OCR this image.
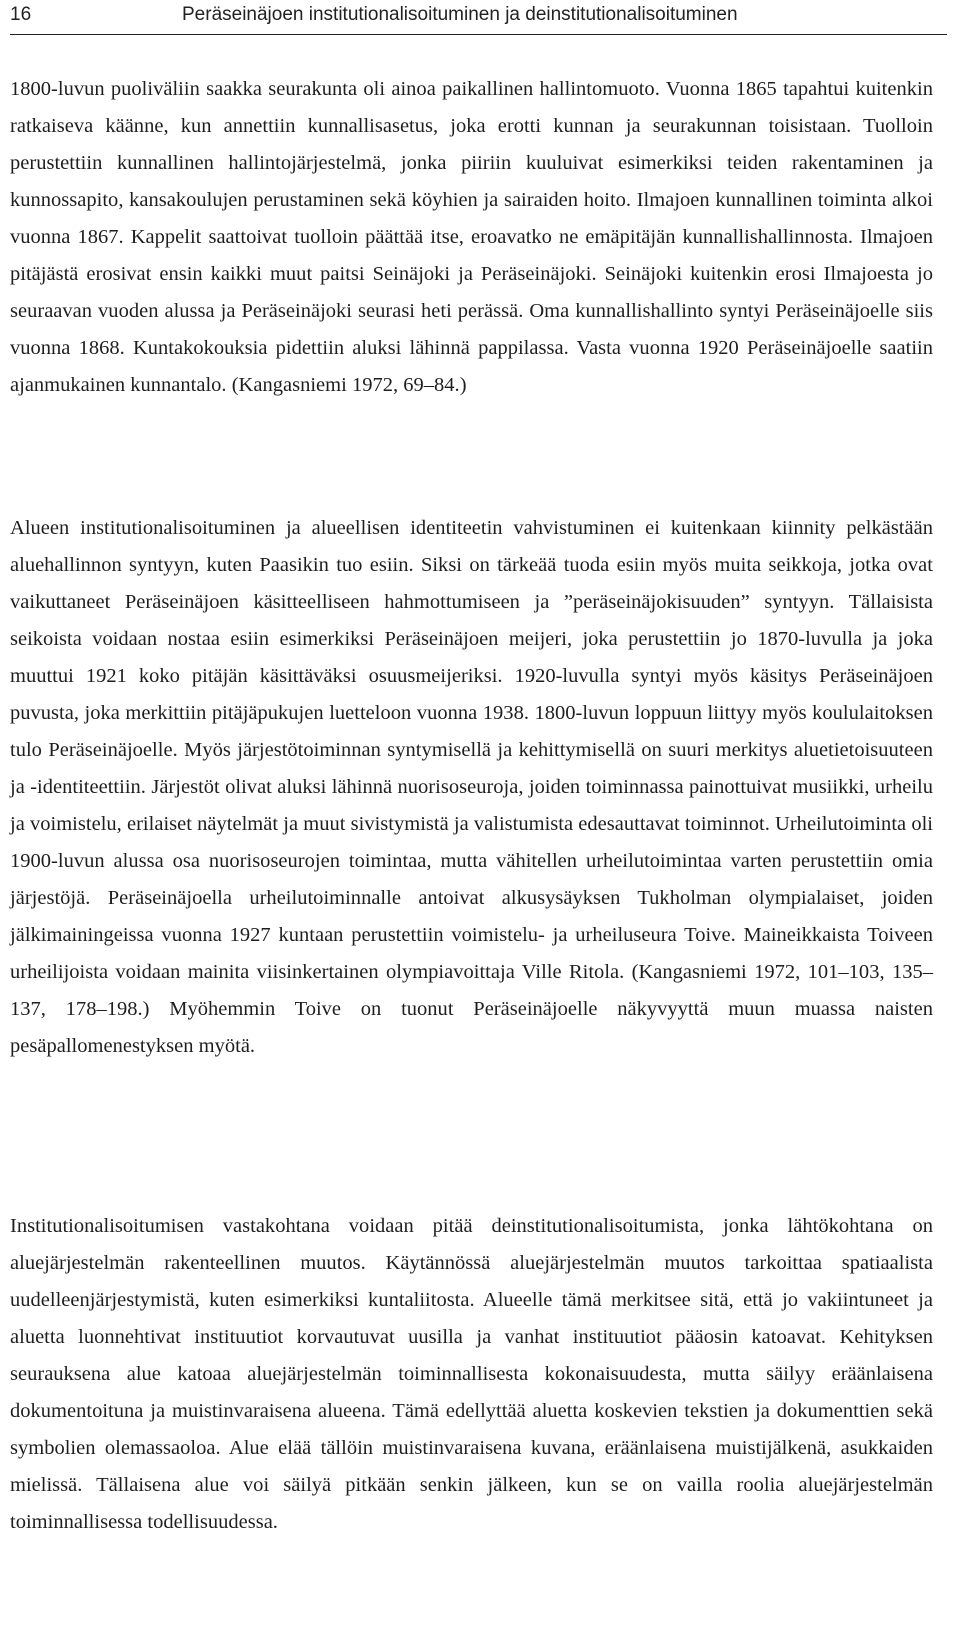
16	Peräseinäjoen institutionalisoituminen ja deinstitutionalisoituminen

1800-luvun puoliväliin saakka seurakunta oli ainoa paikallinen hallintomuoto. Vuonna 1865 tapahtui kuitenkin ratkaiseva käänne, kun annettiin kunnallisasetus, joka erotti kunnan ja seurakunnan toisistaan. Tuolloin perustettiin kunnallinen hallintojärjestelmä, jonka piiriin kuuluivat esimerkiksi teiden rakentaminen ja kunnossapito, kansakoulujen perustaminen sekä köyhien ja sairaiden hoito. Ilmajoen kunnallinen toiminta alkoi vuonna 1867. Kappelit saattoivat tuolloin päättää itse, eroavatko ne emäpitäjän kunnallishallinnosta. Ilmajoen pitäjästä erosivat ensin kaikki muut paitsi Seinäjoki ja Peräseinäjoki. Seinäjoki kuitenkin erosi Ilmajoesta jo seuraavan vuoden alussa ja Peräseinäjoki seurasi heti perässä. Oma kunnallishallinto syntyi Peräseinäjoelle siis vuonna 1868. Kuntakokouksia pidettiin aluksi lähinnä pappilassa. Vasta vuonna 1920 Peräseinäjoelle saatiin ajanmukainen kunnantalo. (Kangasniemi 1972, 69–84.)

Alueen institutionalisoituminen ja alueellisen identiteetin vahvistuminen ei kuitenkaan kiinnity pelkästään aluehallinnon syntyyn, kuten Paasikin tuo esiin. Siksi on tärkeää tuoda esiin myös muita seikkoja, jotka ovat vaikuttaneet Peräseinäjoen käsitteelliseen hahmottumiseen ja ”peräseinäjokisuuden” syntyyn. Tällaisista seikoista voidaan nostaa esiin esimerkiksi Peräseinäjoen meijeri, joka perustettiin jo 1870-luvulla ja joka muuttui 1921 koko pitäjän käsittäväksi osuusmeijeriksi. 1920-luvulla syntyi myös käsitys Peräseinäjoen puvusta, joka merkittiin pitäjäpukujen luetteloon vuonna 1938. 1800-luvun loppuun liittyy myös koululaitoksen tulo Peräseinäjoelle. Myös järjestötoiminnan syntymisellä ja kehittymisellä on suuri merkitys aluetietoisuuteen ja -identiteettiin. Järjestöt olivat aluksi lähinnä nuorisoseuroja, joiden toiminnassa painottuivat musiikki, urheilu ja voimistelu, erilaiset näytelmät ja muut sivistymistä ja valistumista edesauttavat toiminnot. Urheilutoiminta oli 1900-luvun alussa osa nuorisoseurojen toimintaa, mutta vähitellen urheilutoimintaa varten perustettiin omia järjestöjä. Peräseinäjoella urheilutoiminnalle antoivat alkusysäyksen Tukholman olympialaiset, joiden jälkimainingeissa vuonna 1927 kuntaan perustettiin voimistelu- ja urheiluseura Toive. Maineikkaista Toiveen urheilijoista voidaan mainita viisinkertainen olympiavoittaja Ville Ritola. (Kangasniemi 1972, 101–103, 135–137, 178–198.) Myöhemmin Toive on tuonut Peräseinäjoelle näkyvyyttä muun muassa naisten pesäpallomenestyksen myötä.

Institutionalisoitumisen vastakohtana voidaan pitää deinstitutionalisoitumista, jonka lähtökohtana on aluejärjestelmän rakenteellinen muutos. Käytännössä aluejärjestelmän muutos tarkoittaa spatiaalista uudelleenjärjestymistä, kuten esimerkiksi kuntaliitosta. Alueelle tämä merkitsee sitä, että jo vakiintuneet ja aluetta luonnehtivat instituutiot korvautuvat uusilla ja vanhat instituutiot pääosin katoavat. Kehityksen seurauksena alue katoaa aluejärjestelmän toiminnallisesta kokonaisuudesta, mutta säilyy eräänlaisena dokumentoituna ja muistinvaraisena alueena. Tämä edellyttää aluetta koskevien tekstien ja dokumenttien sekä symbolien olemassaoloa. Alue elää tällöin muistinvaraisena kuvana, eräänlaisena muistijälkenä, asukkaiden mielissä. Tällaisena alue voi säilyä pitkään senkin jälkeen, kun se on vailla roolia aluejärjestelmän toiminnallisessa todellisuudessa.
